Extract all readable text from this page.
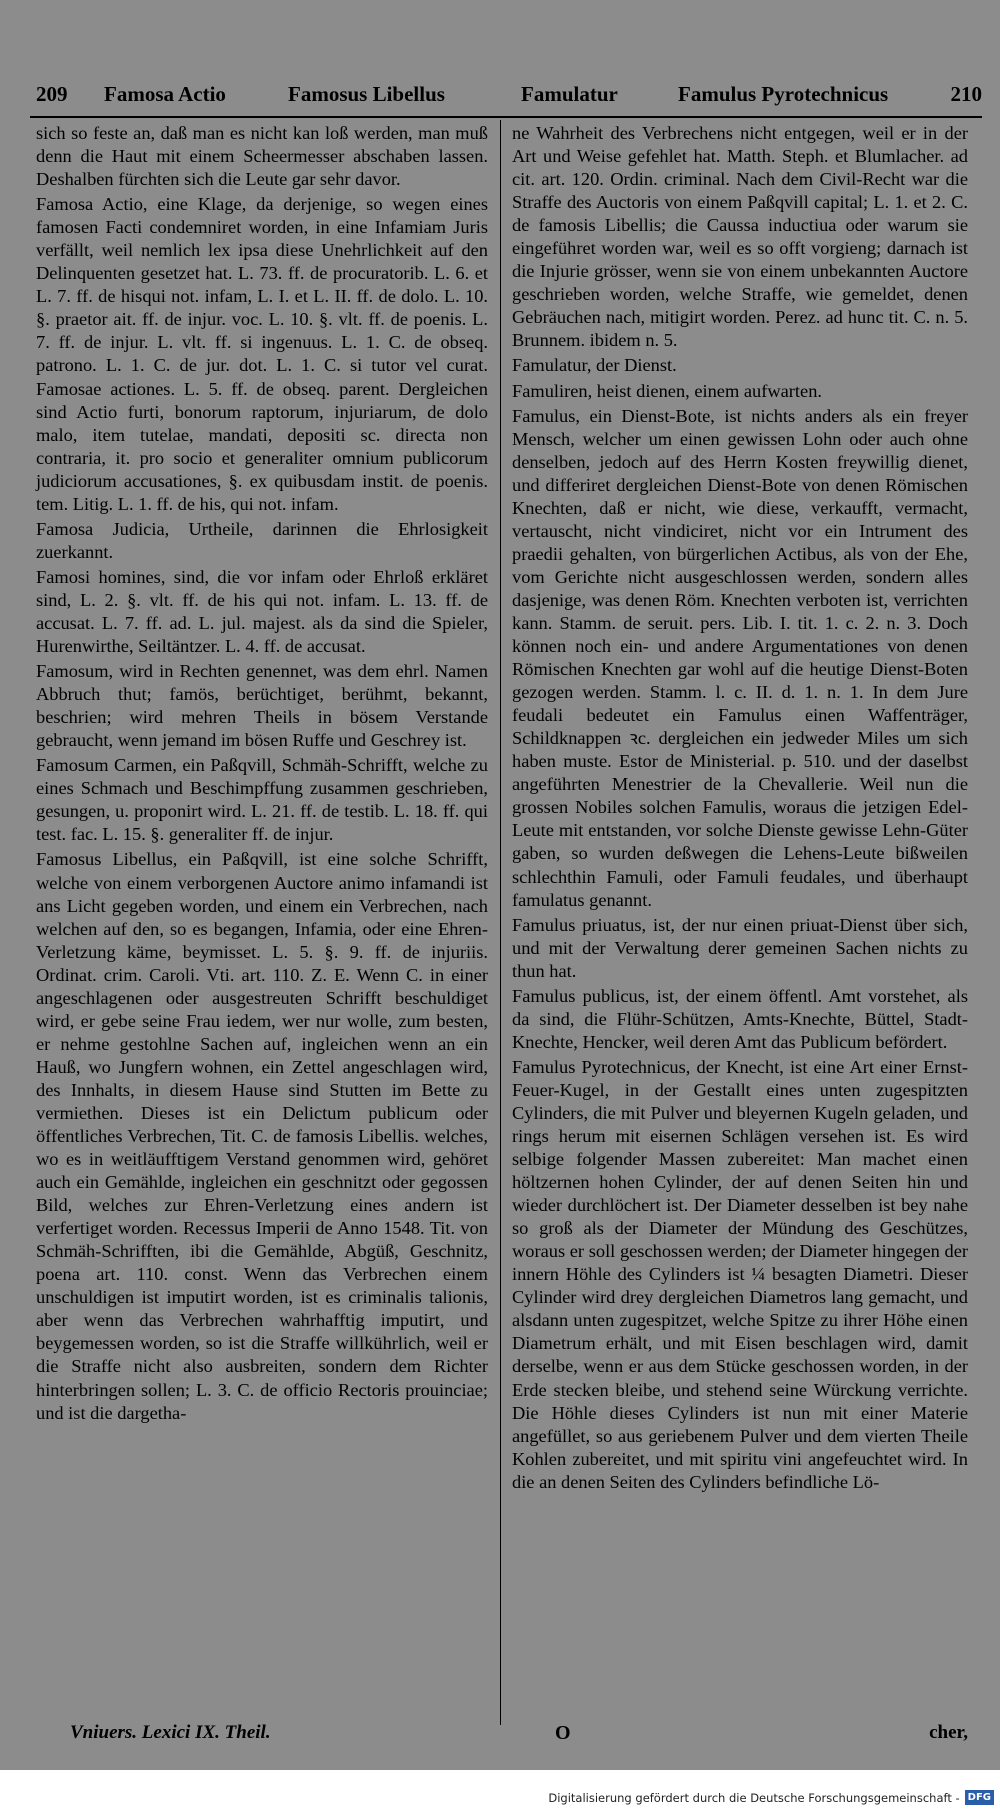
209 Famosa Actio	Famosus Libellus	Famulatur	Famulus Pyrotechnicus	210
sich so feste an, daß man es nicht kan loß werden, man muß denn die Haut mit einem Scheermesser abschaben lassen. Deshalben fürchten sich die Leute gar sehr davor.
Famosa Actio, eine Klage, da derjenige, so wegen eines famosen Facti condemniret worden, in eine Infamiam Juris verfällt, weil nemlich lex ipsa diese Unehrlichkeit auf den Delinquenten gesetzet hat. L. 73. ff. de procuratorib. L. 6. et L. 7. ff. de hisqui not. infam, L. I. et L. II. ff. de dolo. L. 10. §. praetor ait. ff. de injur. voc. L. 10. §. vlt. ff. de poenis. L. 7. ff. de injur. L. vlt. ff. si ingenuus. L. 1. C. de obseq. patrono. L. 1. C. de jur. dot. L. 1. C. si tutor vel curat. Famosae actiones. L. 5. ff. de obseq. parent. Dergleichen sind Actio furti, bonorum raptorum, injuriarum, de dolo malo, item tutelae, mandati, depositi sc. directa non contraria, it. pro socio et generaliter omnium publicorum judiciorum accusationes, §. ex quibusdam instit. de poenis. tem. Litig. L. 1. ff. de his, qui not. infam.
Famosa Judicia, Urtheile, darinnen die Ehrlosigkeit zuerkannt.
Famosi homines, sind, die vor infam oder Ehrloß erkläret sind, L. 2. §. vlt. ff. de his qui not. infam. L. 13. ff. de accusat. L. 7. ff. ad. L. jul. majest. als da sind die Spieler, Hurenwirthe, Seiltäntzer. L. 4. ff. de accusat.
Famosum, wird in Rechten genennet, was dem ehrl. Namen Abbruch thut; famös, berüchtiget, berühmt, bekannt, beschrien; wird mehren Theils in bösem Verstande gebraucht, wenn jemand im bösen Ruffe und Geschrey ist.
Famosum Carmen, ein Paßqvill, Schmäh-Schrifft, welche zu eines Schmach und Beschimpffung zusammen geschrieben, gesungen, u. proponirt wird. L. 21. ff. de testib. L. 18. ff. qui test. fac. L. 15. §. generaliter ff. de injur.
Famosus Libellus, ein Paßqvill, ist eine solche Schrifft, welche von einem verborgenen Auctore animo infamandi ist ans Licht gegeben worden, und einem ein Verbrechen, nach welchen auf den, so es begangen, Infamia, oder eine Ehren-Verletzung käme, beymisset. L. 5. §. 9. ff. de injuriis. Ordinat. crim. Caroli. Vti. art. 110. Z. E. Wenn C. in einer angeschlagenen oder ausgestreuten Schrifft beschuldiget wird, er gebe seine Frau iedem, wer nur wolle, zum besten, er nehme gestohlne Sachen auf, ingleichen wenn an ein Hauß, wo Jungfern wohnen, ein Zettel angeschlagen wird, des Innhalts, in diesem Hause sind Stutten im Bette zu vermiethen. Dieses ist ein Delictum publicum oder öffentliches Verbrechen, Tit. C. de famosis Libellis. welches, wo es in weitläufftigem Verstand genommen wird, gehöret auch ein Gemählde, ingleichen ein geschnitzt oder gegossen Bild, welches zur Ehren-Verletzung eines andern ist verfertiget worden. Recessus Imperii de Anno 1548. Tit. von Schmäh-Schrifften, ibi die Gemählde, Abgüß, Geschnitz, poena art. 110. const. Wenn das Verbrechen einem unschuldigen ist imputirt worden, ist es criminalis talionis, aber wenn das Verbrechen wahrhafftig imputirt, und beygemessen worden, so ist die Straffe willkührlich, weil er die Straffe nicht also ausbreiten, sondern dem Richter hinterbringen sollen; L. 3. C. de officio Rectoris prouinciae; und ist die dargetha-
ne Wahrheit des Verbrechens nicht entgegen, weil er in der Art und Weise gefehlet hat. Matth. Steph. et Blumlacher. ad cit. art. 120. Ordin. criminal. Nach dem Civil-Recht war die Straffe des Auctoris von einem Paßqvill capital; L. 1. et 2. C. de famosis Libellis; die Caussa inductiua oder warum sie eingeführet worden war, weil es so offt vorgieng; darnach ist die Injurie grösser, wenn sie von einem unbekannten Auctore geschrieben worden, welche Straffe, wie gemeldet, denen Gebräuchen nach, mitigirt worden. Perez. ad hunc tit. C. n. 5. Brunnem. ibidem n. 5.
Famulatur, der Dienst.
Famuliren, heist dienen, einem aufwarten.
Famulus, ein Dienst-Bote, ist nichts anders als ein freyer Mensch, welcher um einen gewissen Lohn oder auch ohne denselben, jedoch auf des Herrn Kosten freywillig dienet, und differiret dergleichen Dienst-Bote von denen Römischen Knechten, daß er nicht, wie diese, verkaufft, vermacht, vertauscht, nicht vindiciret, nicht vor ein Intrument des praedii gehalten, von bürgerlichen Actibus, als von der Ehe, vom Gerichte nicht ausgeschlossen werden, sondern alles dasjenige, was denen Röm. Knechten verboten ist, verrichten kann. Stamm. de seruit. pers. Lib. I. tit. 1. c. 2. n. 3. Doch können noch ein- und andere Argumentationes von denen Römischen Knechten gar wohl auf die heutige Dienst-Boten gezogen werden. Stamm. l. c. II. d. 1. n. 1. In dem Jure feudali bedeutet ein Famulus einen Waffenträger, Schildknappen ꝛc. dergleichen ein jedweder Miles um sich haben muste. Estor de Ministerial. p. 510. und der daselbst angeführten Menestrier de la Chevallerie. Weil nun die grossen Nobiles solchen Famulis, woraus die jetzigen Edel-Leute mit entstanden, vor solche Dienste gewisse Lehn-Güter gaben, so wurden deßwegen die Lehens-Leute bißweilen schlechthin Famuli, oder Famuli feudales, und überhaupt famulatus genannt.
Famulus priuatus, ist, der nur einen priuat-Dienst über sich, und mit der Verwaltung derer gemeinen Sachen nichts zu thun hat.
Famulus publicus, ist, der einem öffentl. Amt vorstehet, als da sind, die Flühr-Schützen, Amts-Knechte, Büttel, Stadt-Knechte, Hencker, weil deren Amt das Publicum befördert.
Famulus Pyrotechnicus, der Knecht, ist eine Art einer Ernst-Feuer-Kugel, in der Gestallt eines unten zugespitzten Cylinders, die mit Pulver und bleyernen Kugeln geladen, und rings herum mit eisernen Schlägen versehen ist. Es wird selbige folgender Massen zubereitet: Man machet einen höltzernen hohen Cylinder, der auf denen Seiten hin und wieder durchlöchert ist. Der Diameter desselben ist bey nahe so groß als der Diameter der Mündung des Geschützes, woraus er soll geschossen werden; der Diameter hingegen der innern Höhle des Cylinders ist ¼ besagten Diametri. Dieser Cylinder wird drey dergleichen Diametros lang gemacht, und alsdann unten zugespitzet, welche Spitze zu ihrer Höhe einen Diametrum erhält, und mit Eisen beschlagen wird, damit derselbe, wenn er aus dem Stücke geschossen worden, in der Erde stecken bleibe, und stehend seine Würckung verrichte. Die Höhle dieses Cylinders ist nun mit einer Materie angefüllet, so aus geriebenem Pulver und dem vierten Theile Kohlen zubereitet, und mit spiritu vini angefeuchtet wird. In die an denen Seiten des Cylinders befindliche Lö-
Vniuers. Lexici IX. Theil.	O	cher,
Digitalisierung gefördert durch die Deutsche Forschungsgemeinschaft - DFG
